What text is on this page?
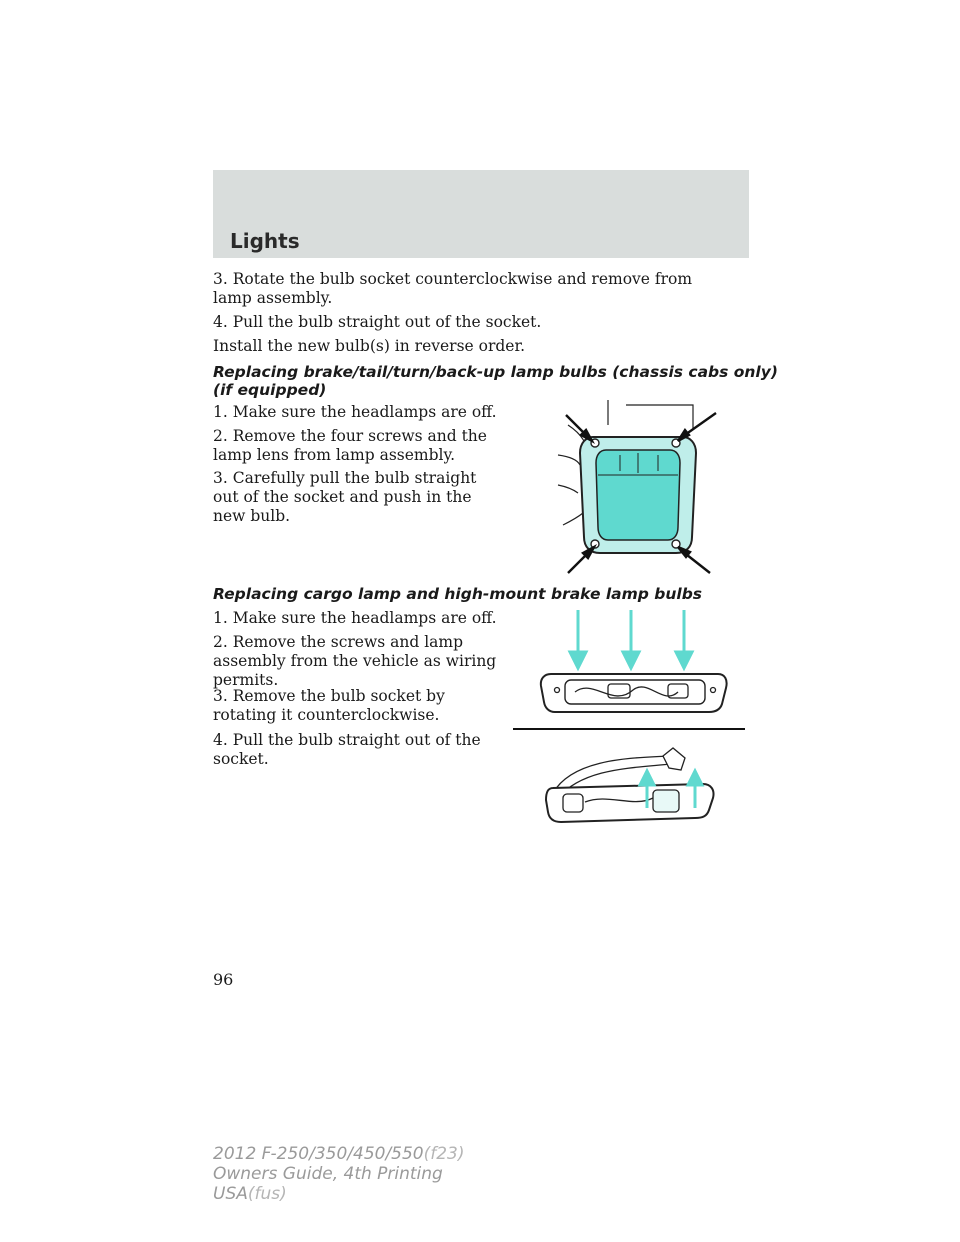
Lights

3. Rotate the bulb socket counterclockwise and remove from lamp assembly.

4. Pull the bulb straight out of the socket.

Install the new bulb(s) in reverse order.

Replacing brake/tail/turn/back-up lamp bulbs (chassis cabs only)
(if equipped)

1. Make sure the headlamps are off.

2. Remove the four screws and the lamp lens from lamp assembly.

3. Carefully pull the bulb straight out of the socket and push in the new bulb.

Replacing cargo lamp and high-mount brake lamp bulbs

1. Make sure the headlamps are off.

2. Remove the screws and lamp assembly from the vehicle as wiring permits.

3. Remove the bulb socket by rotating it counterclockwise.

4. Pull the bulb straight out of the socket.

96
2012 F-250/350/450/550(f23)
Owners Guide, 4th Printing
USA(fus)
